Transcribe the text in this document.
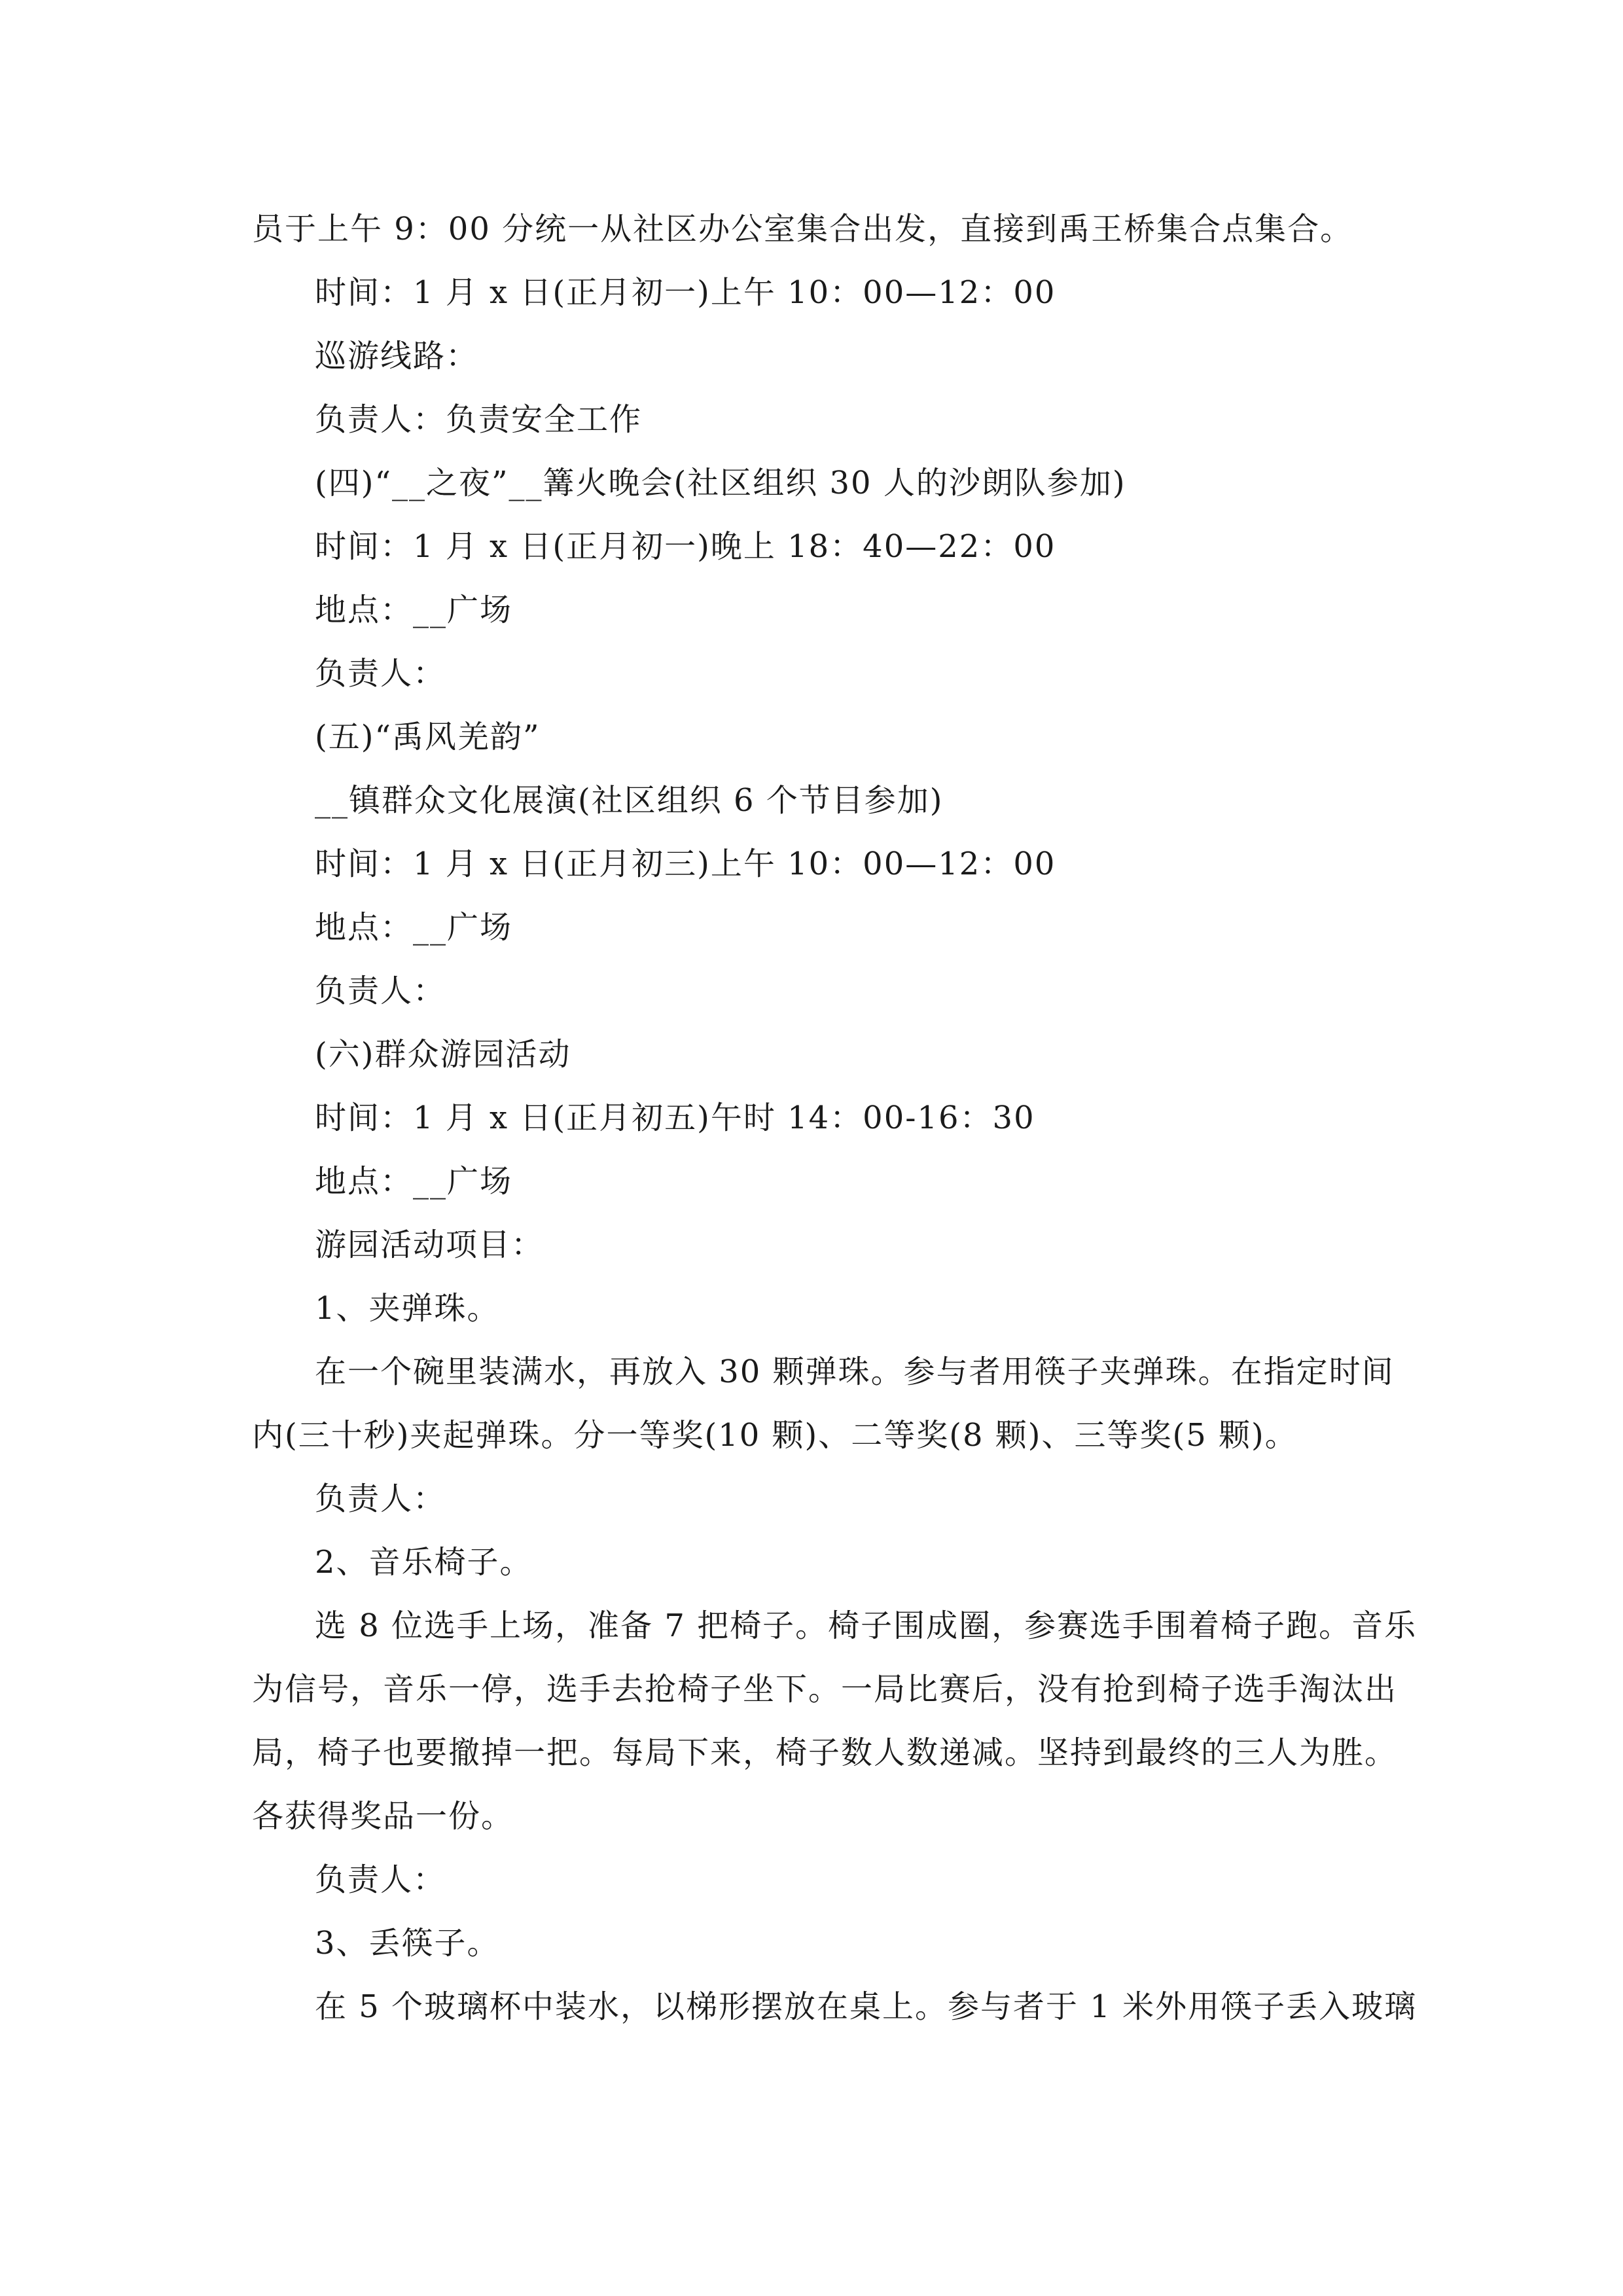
员于上午 9：00 分统一从社区办公室集合出发，直接到禹王桥集合点集合。
时间：1 月 x 日(正月初一)上午 10：00—12：00
巡游线路：
负责人：负责安全工作
(四)“__之夜”__篝火晚会(社区组织 30 人的沙朗队参加)
时间：1 月 x 日(正月初一)晚上 18：40—22：00
地点：__广场
负责人：
(五)“禹风羌韵”
__镇群众文化展演(社区组织 6 个节目参加)
时间：1 月 x 日(正月初三)上午 10：00—12：00
地点：__广场
负责人：
(六)群众游园活动
时间：1 月 x 日(正月初五)午时 14：00-16：30
地点：__广场
游园活动项目：
1、夹弹珠。
在一个碗里装满水，再放入 30 颗弹珠。参与者用筷子夹弹珠。在指定时间
内(三十秒)夹起弹珠。分一等奖(10 颗)、二等奖(8 颗)、三等奖(5 颗)。
负责人：
2、音乐椅子。
选 8 位选手上场，准备 7 把椅子。椅子围成圈，参赛选手围着椅子跑。音乐
为信号，音乐一停，选手去抢椅子坐下。一局比赛后，没有抢到椅子选手淘汰出
局，椅子也要撤掉一把。每局下来，椅子数人数递减。坚持到最终的三人为胜。
各获得奖品一份。
负责人：
3、丢筷子。
在 5 个玻璃杯中装水，以梯形摆放在桌上。参与者于 1 米外用筷子丢入玻璃
